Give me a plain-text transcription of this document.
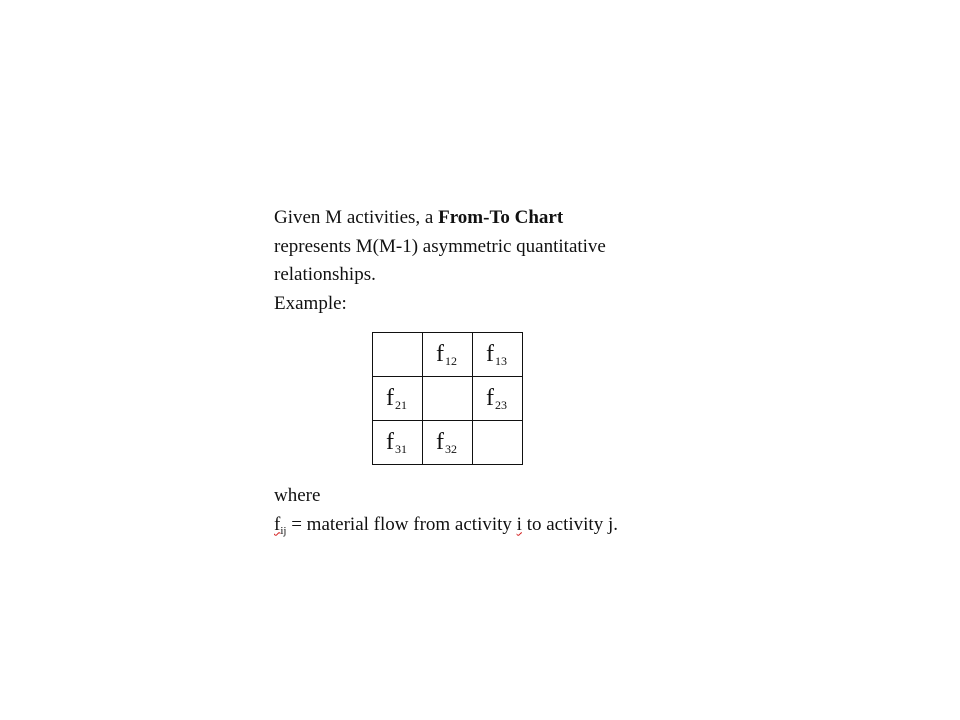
Given M activities, a From-To Chart
represents M(M-1) asymmetric quantitative
relationships.
Example:
	f12	f13
f21		f23
f31	f32	
where
$f_{ij}$ = material flow from activity i to activity j.
